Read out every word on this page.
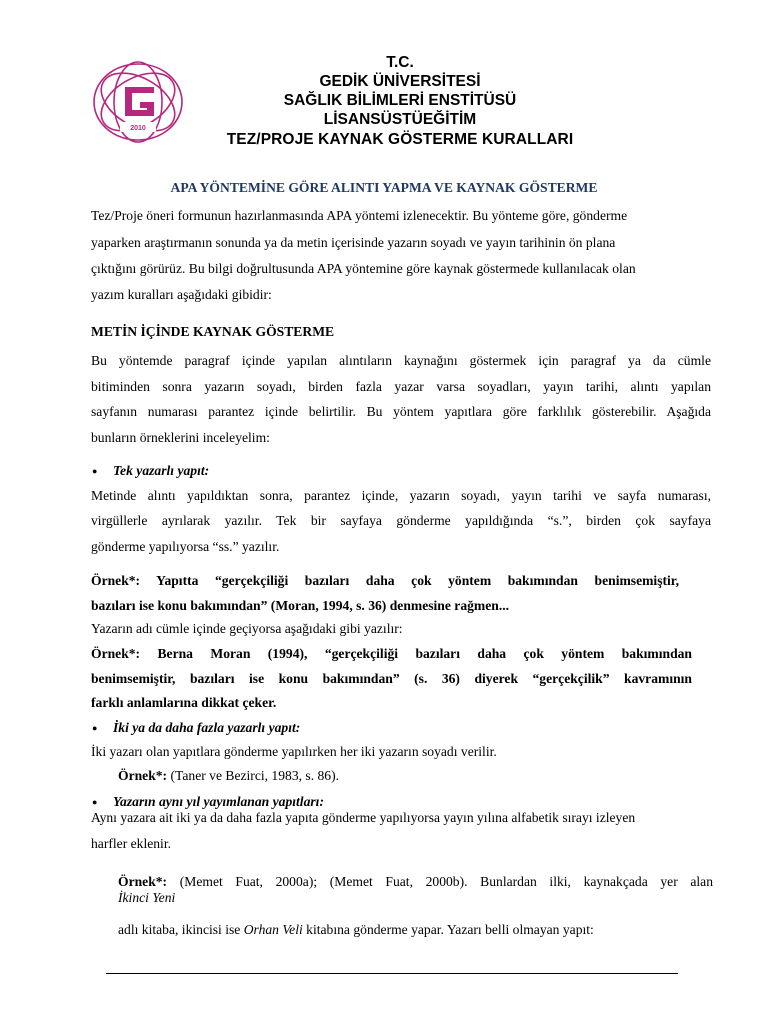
2010
T.C.
GEDİK ÜNİVERSİTESİ
SAĞLIK BİLİMLERİ ENSTİTÜSÜ
LİSANSÜSTÜEĞİTİM
TEZ/PROJE KAYNAK GÖSTERME KURALLARI
APA YÖNTEMİNE GÖRE ALINTI YAPMA VE KAYNAK GÖSTERME
Tez/Proje öneri formunun hazırlanmasında APA yöntemi izlenecektir. Bu yönteme göre, gönderme
yaparken araştırmanın sonunda ya da metin içerisinde yazarın soyadı ve yayın tarihinin ön plana
çıktığını görürüz. Bu bilgi doğrultusunda APA yöntemine göre kaynak göstermede kullanılacak olan
yazım kuralları aşağıdaki gibidir:
METİN İÇİNDE KAYNAK GÖSTERME
Bu yöntemde paragraf içinde yapılan alıntıların kaynağını göstermek için paragraf ya da cümle
bitiminden sonra yazarın soyadı, birden fazla yazar varsa soyadları, yayın tarihi, alıntı yapılan
sayfanın numarası parantez içinde belirtilir. Bu yöntem yapıtlara göre farklılık gösterebilir. Aşağıda
bunların örneklerini inceleyelim:
● Tek yazarlı yapıt:
Metinde alıntı yapıldıktan sonra, parantez içinde, yazarın soyadı, yayın tarihi ve sayfa numarası,
virgüllerle ayrılarak yazılır. Tek bir sayfaya gönderme yapıldığında “s.”, birden çok sayfaya
gönderme yapılıyorsa “ss.” yazılır.
Örnek*: Yapıtta “gerçekçiliği bazıları daha çok yöntem bakımından benimsemiştir,
bazıları ise konu bakımından” (Moran, 1994, s. 36) denmesine rağmen...
Yazarın adı cümle içinde geçiyorsa aşağıdaki gibi yazılır:
Örnek*: Berna Moran (1994), “gerçekçiliği bazıları daha çok yöntem bakımından
benimsemiştir, bazıları ise konu bakımından” (s. 36) diyerek “gerçekçilik” kavramının
farklı anlamlarına dikkat çeker.
● İki ya da daha fazla yazarlı yapıt:
İki yazarı olan yapıtlara gönderme yapılırken her iki yazarın soyadı verilir.
Örnek*: (Taner ve Bezirci, 1983, s. 86).
● Yazarın aynı yıl yayımlanan yapıtları:
Aynı yazara ait iki ya da daha fazla yapıta gönderme yapılıyorsa yayın yılına alfabetik sırayı izleyen
harfler eklenir.
Örnek*: (Memet Fuat, 2000a); (Memet Fuat, 2000b). Bunlardan ilki, kaynakçada yer alan
İkinci Yeni
adlı kitaba, ikincisi ise Orhan Veli kitabına gönderme yapar. Yazarı belli olmayan yapıt:
